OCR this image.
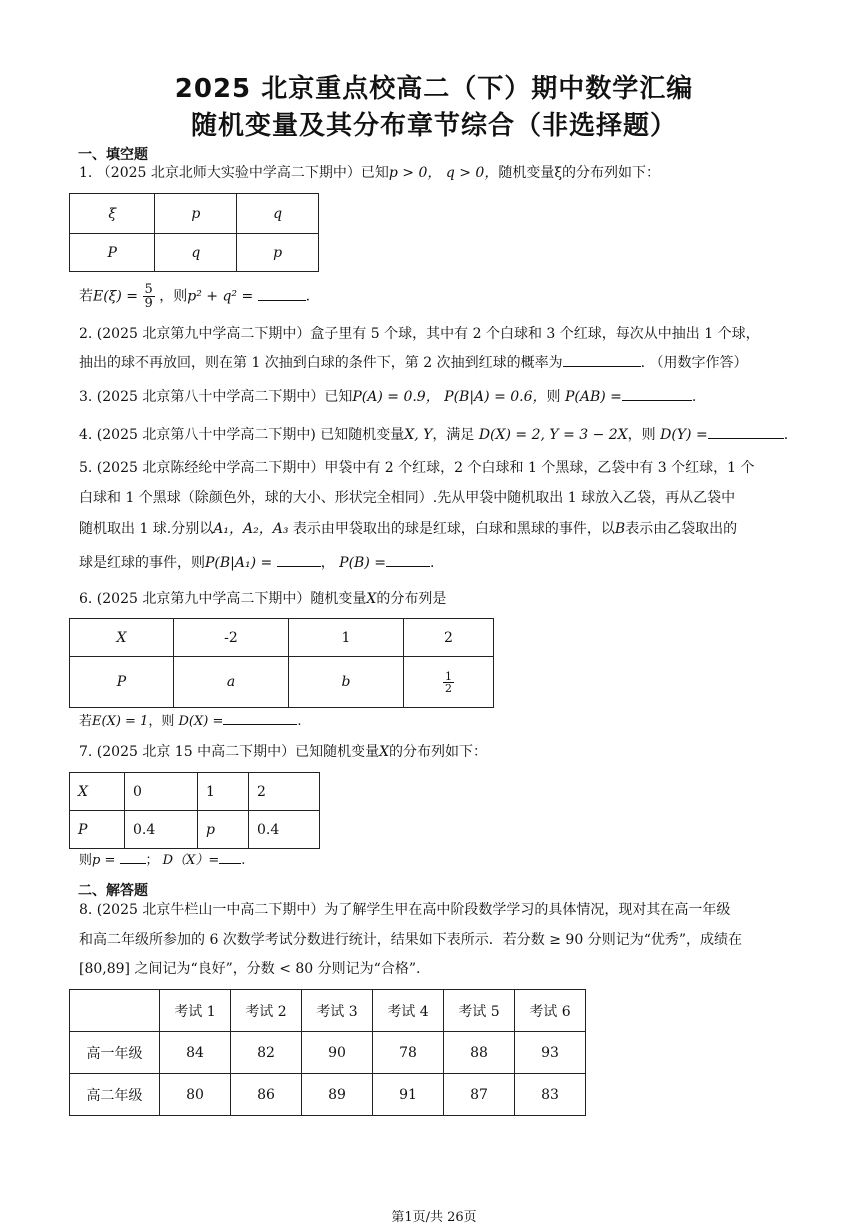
2025 北京重点校高二（下）期中数学汇编
随机变量及其分布章节综合（非选择题）
一、填空题
1. （2025 北京北师大实验中学高二下期中）已知p > 0， q > 0，随机变量ξ的分布列如下：
ξ	p	q
P	q	p
若$E(\xi) = \frac{5}{9}$ ，则p² + q² =	.
2. (2025 北京第九中学高二下期中）盒子里有 5 个球，其中有 2 个白球和 3 个红球，每次从中抽出 1 个球，
抽出的球不再放回，则在第 1 次抽到白球的条件下，第 2 次抽到红球的概率为	. （用数字作答）
3. (2025 北京第八十中学高二下期中）已知P(A) = 0.9， P(B|A) = 0.6，则 P(AB) =	.
4. (2025 北京第八十中学高二下期中) 已知随机变量X, Y，满足 D(X) = 2, Y = 3 − 2X，则 D(Y) =	.
5. (2025 北京陈经纶中学高二下期中）甲袋中有 2 个红球，2 个白球和 1 个黑球，乙袋中有 3 个红球，1 个
白球和 1 个黑球（除颜色外，球的大小、形状完全相同）.先从甲袋中随机取出 1 球放入乙袋，再从乙袋中
随机取出 1 球.分别以A₁，A₂，A₃ 表示由甲袋取出的球是红球，白球和黑球的事件，以B表示由乙袋取出的
球是红球的事件，则P(B|A₁) =	， P(B) =	.
6. (2025 北京第九中学高二下期中）随机变量X的分布列是
X	-2	1	2
P	a	b	$\frac{1}{2}$
若E(X) = 1，则 D(X) =	.
7. (2025 北京 15 中高二下期中）已知随机变量X的分布列如下：
X	0	1	2
P	0.4	p	0.4
则p = ； D（X）= .
二、解答题
8. (2025 北京牛栏山一中高二下期中）为了解学生甲在高中阶段数学学习的具体情况，现对其在高一年级
和高二年级所参加的 6 次数学考试分数进行统计，结果如下表所示．若分数 ≥ 90 分则记为“优秀”，成绩在
[80,89] 之间记为“良好”，分数 < 80 分则记为“合格”.
	考试 1	考试 2	考试 3	考试 4	考试 5	考试 6
高一年级	84	82	90	78	88	93
高二年级	80	86	89	91	87	83
第1页/共 26页
